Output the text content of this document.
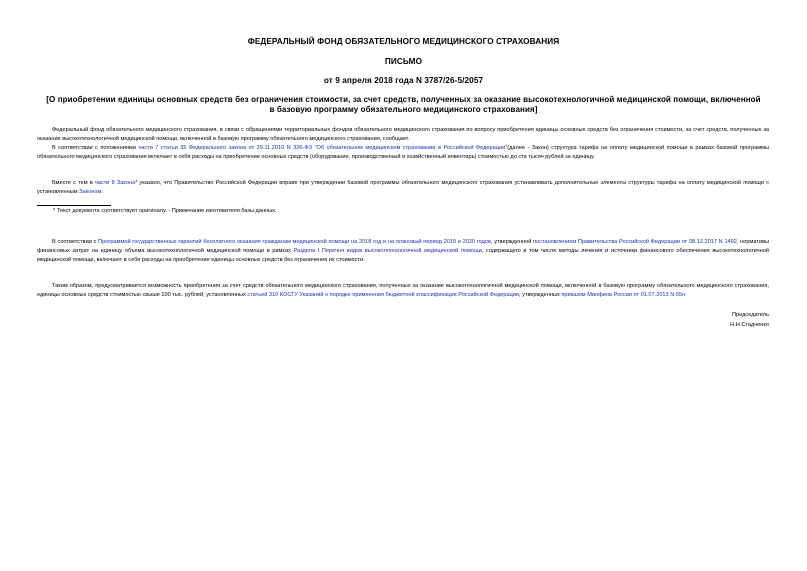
ФЕДЕРАЛЬНЫЙ ФОНД ОБЯЗАТЕЛЬНОГО МЕДИЦИНСКОГО СТРАХОВАНИЯ
ПИСЬМО
от 9 апреля 2018 года N 3787/26-5/2057
[О приобретении единицы основных средств без ограничения стоимости, за счет средств, полученных за оказание высокотехнологичной медицинской помощи, включенной в базовую программу обязательного медицинского страхования]

Федеральный фонд обязательного медицинского страхования, в связи с обращениями территориальных фондов обязательного медицинского страхования по вопросу приобретения единицы основных средств без ограничения стоимости, за счет средств, полученных за оказание высокотехнологичной медицинской помощи, включенной в базовую программу обязательного медицинского страхования, сообщает.

В соответствии с положениями части 7 статьи 35 Федерального закона от 29.11.2010 N 326-ФЗ "Об обязательном медицинском страховании в Российской Федерации"(далее - Закон) структура тарифа на оплату медицинской помощи в рамках базовой программы обязательного медицинского страхования включает в себя расходы на приобретение основных средств (оборудование, производственный и хозяйственный инвентарь) стоимостью до ста тысяч рублей за единицу.

Вместе с тем в части 8 Закона* указано, что Правительство Российской Федерации вправе при утверждении базовой программы обязательного медицинского страхования устанавливать дополнительные элементы структуры тарифа на оплату медицинской помощи с установленным Законом.

* Текст документа соответствует оригиналу. - Примечание изготовителя базы данных.

В соответствии с Программой государственных гарантий бесплатного оказания гражданам медицинской помощи на 2018 год и на плановый период 2019 и 2020 годов, утвержденной постановлением Правительства Российской Федерации от 08.12.2017 N 1492, нормативы финансовых затрат на единицу объема высокотехнологичной медицинской помощи в рамках Раздела I Перечня видов высокотехнологичной медицинской помощи, содержащего в том числе методы лечения и источники финансового обеспечения высокотехнологичной медицинской помощи, включают в себя расходы на приобретение единицы основных средств без ограничения их стоимости.

Таким образом, предусматривается возможность приобретения за счет средств обязательного медицинского страхования, полученных за оказание высокотехнологичной медицинской помощи, включенной в базовую программу обязательного медицинского страхования, единицы основных средств стоимостью свыше 100 тыс. рублей, установленных статьей 310 КОСГУ Указаний о порядке применения бюджетной классификации Российской Федерации, утвержденных приказом Минфина России от 01.07.2013 N 65н.

Председатель
Н.Н.Стадченко
